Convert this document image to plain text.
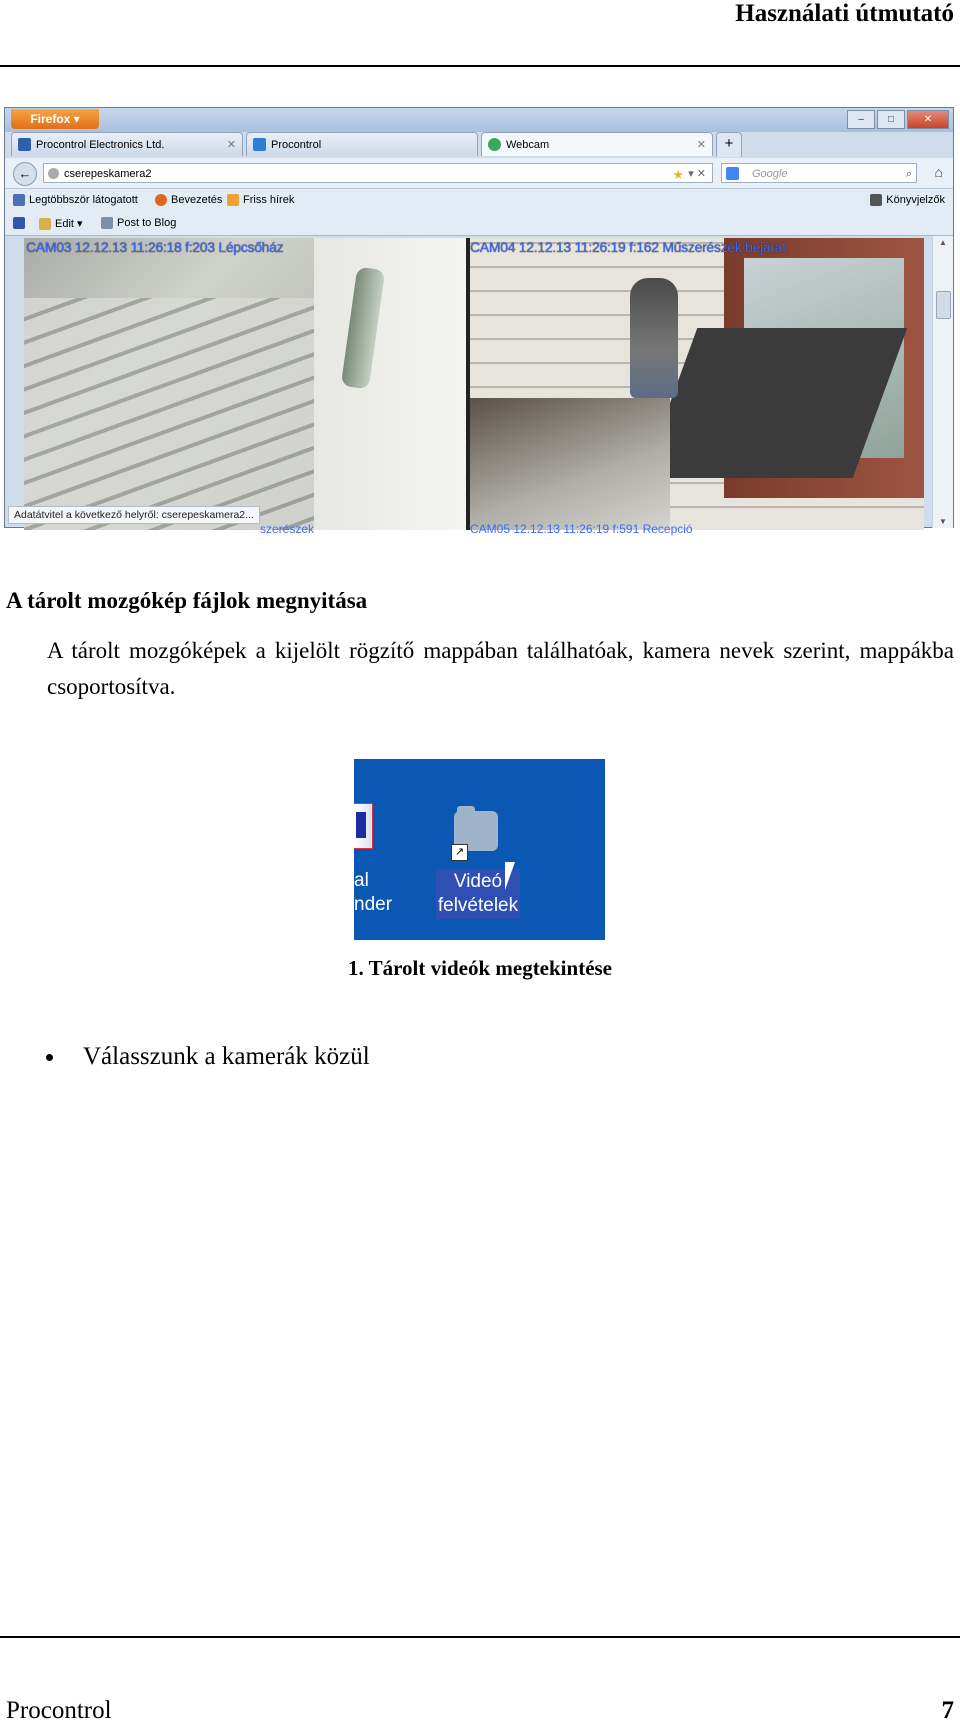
Használati útmutató
Firefox ▾	–	□	✕
Procontrol Electronics Ltd.	✕	Procontrol	Webcam	✕	+
←	cserepeskamera2	★ ▾ ✕	Google	⌕ ⌂
Legtöbbször látogatott	Bevezetés Friss hírek	Könyvjelzők
Edit ▾	Post to Blog
CAM03 12.12.13 11:26:18 f:203 Lépcsőház
szerészek
CAM04 12.12.13 11:26:19 f:162 Műszerészek bejárat
CAM05 12.12.13 11:26:19 f:591 Recepció
▲
▼
Adatátvitel a következő helyről: cserepeskamera2...
A tárolt mozgókép fájlok megnyitása
A tárolt mozgóképek a kijelölt rögzítő mappában találhatóak, kamera nevek szerint, mappákba csoportosítva.
al
nder
↗
Videó
felvételek
1. Tárolt videók megtekintése
Válasszunk a kamerák közül
Procontrol	7
